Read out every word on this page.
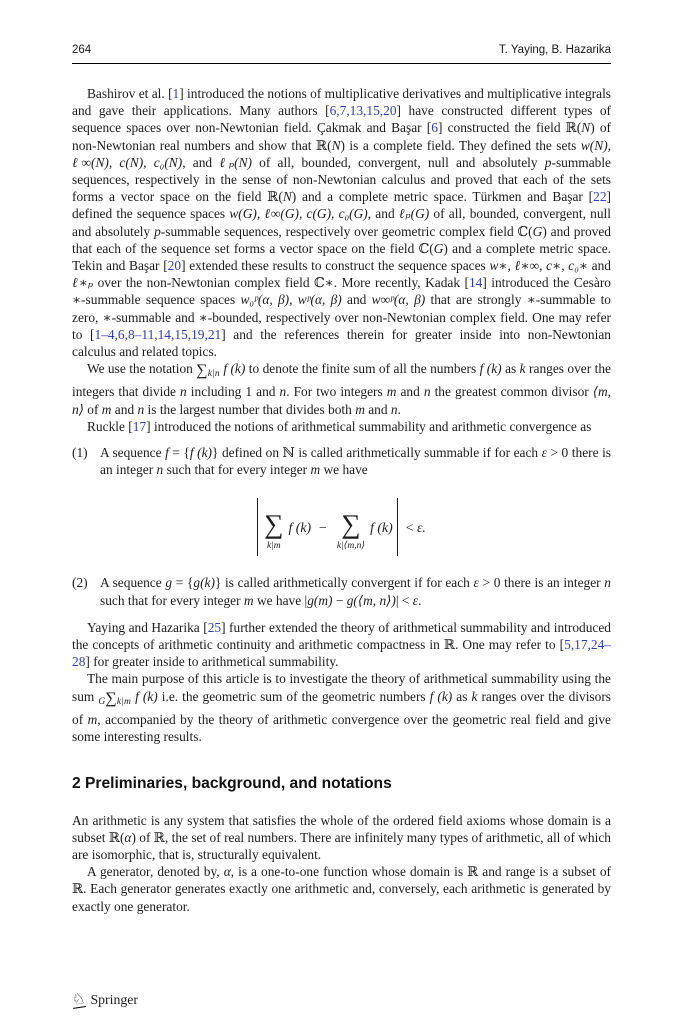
264	T. Yaying, B. Hazarika

Bashirov et al. [1] introduced the notions of multiplicative derivatives and multiplicative integrals and gave their applications. Many authors [6,7,13,15,20] have constructed different types of sequence spaces over non-Newtonian field. Çakmak and Başar [6] constructed the field ℝ(N) of non-Newtonian real numbers and show that ℝ(N) is a complete field. They defined the sets w(N), ℓ∞(N), c(N), c₀(N), and ℓₚ(N) of all, bounded, convergent, null and absolutely p-summable sequences, respectively in the sense of non-Newtonian calculus and proved that each of the sets forms a vector space on the field ℝ(N) and a complete metric space. Türkmen and Başar [22] defined the sequence spaces w(G), ℓ∞(G), c(G), c₀(G), and ℓₚ(G) of all, bounded, convergent, null and absolutely p-summable sequences, respectively over geometric complex field ℂ(G) and proved that each of the sequence set forms a vector space on the field ℂ(G) and a complete metric space. Tekin and Başar [20] extended these results to construct the sequence spaces w∗, ℓ∗∞, c∗, c₀∗ and ℓ∗ₚ over the non-Newtonian complex field ℂ∗. More recently, Kadak [14] introduced the Cesàro ∗-summable sequence spaces w₀ᵖ(α, β), wᵖ(α, β) and w∞ᵖ(α, β) that are strongly ∗-summable to zero, ∗-summable and ∗-bounded, respectively over non-Newtonian complex field. One may refer to [1–4,6,8–11,14,15,19,21] and the references therein for greater inside into non-Newtonian calculus and related topics.

We use the notation $\sum_{k|n}$ f (k) to denote the finite sum of all the numbers f (k) as k ranges over the integers that divide n including 1 and n. For two integers m and n the greatest common divisor ⟨m, n⟩ of m and n is the largest number that divides both m and n.

Ruckle [17] introduced the notions of arithmetical summability and arithmetic convergence as

(1) A sequence f = {f (k)} defined on ℕ is called arithmetically summable if for each ε > 0 there is an integer n such that for every integer m we have
∑
k|m
f (k) − ∑
k|⟨m,n⟩
f (k) < ε.
(2) A sequence g = {g(k)} is called arithmetically convergent if for each ε > 0 there is an integer n such that for every integer m we have |g(m) − g(⟨m, n⟩)| < ε.

Yaying and Hazarika [25] further extended the theory of arithmetical summability and introduced the concepts of arithmetic continuity and arithmetic compactness in ℝ. One may refer to [5,17,24–28] for greater inside to arithmetical summability.

The main purpose of this article is to investigate the theory of arithmetical summability using the sum $_G\sum_{k|m}$ f (k) i.e. the geometric sum of the geometric numbers f (k) as k ranges over the divisors of m, accompanied by the theory of arithmetic convergence over the geometric real field and give some interesting results.

2 Preliminaries, background, and notations

An arithmetic is any system that satisfies the whole of the ordered field axioms whose domain is a subset ℝ(α) of ℝ, the set of real numbers. There are infinitely many types of arithmetic, all of which are isomorphic, that is, structurally equivalent.

A generator, denoted by, α, is a one-to-one function whose domain is ℝ and range is a subset of ℝ. Each generator generates exactly one arithmetic and, conversely, each arithmetic is generated by exactly one generator.

♘ Springer
